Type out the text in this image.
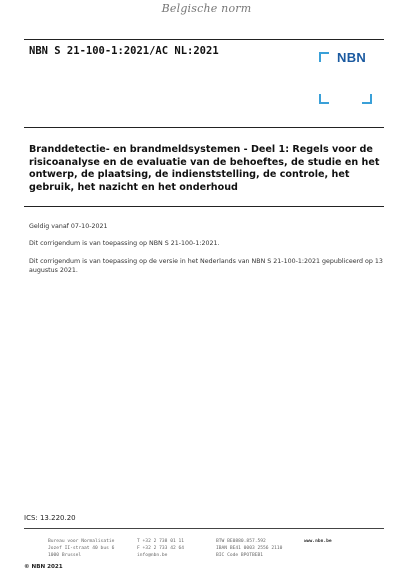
Belgische norm
NBN S 21-100-1:2021/AC NL:2021	NBN
Branddetectie- en brandmeldsystemen - Deel 1: Regels voor de risicoanalyse en de evaluatie van de behoeftes, de studie en het ontwerp, de plaatsing, de indienststelling, de controle, het gebruik, het nazicht en het onderhoud
Geldig vanaf 07-10-2021
Dit corrigendum is van toepassing op NBN S 21-100-1:2021.
Dit corrigendum is van toepassing op de versie in het Nederlands van NBN S 21-100-1:2021 gepubliceerd op 13 augustus 2021.
ICS: 13.220.20
Bureau voor Normalisatie
Jozef II-straat 40 bus 6
1000 Brussel
T +32 2 738 01 11
F +32 2 733 42 64
info@nbn.be
BTW BE0880.857.592
IBAN BE41 0003 2556 2110
BIC Code BPOTBEB1
www.nbn.be
© NBN 2021
